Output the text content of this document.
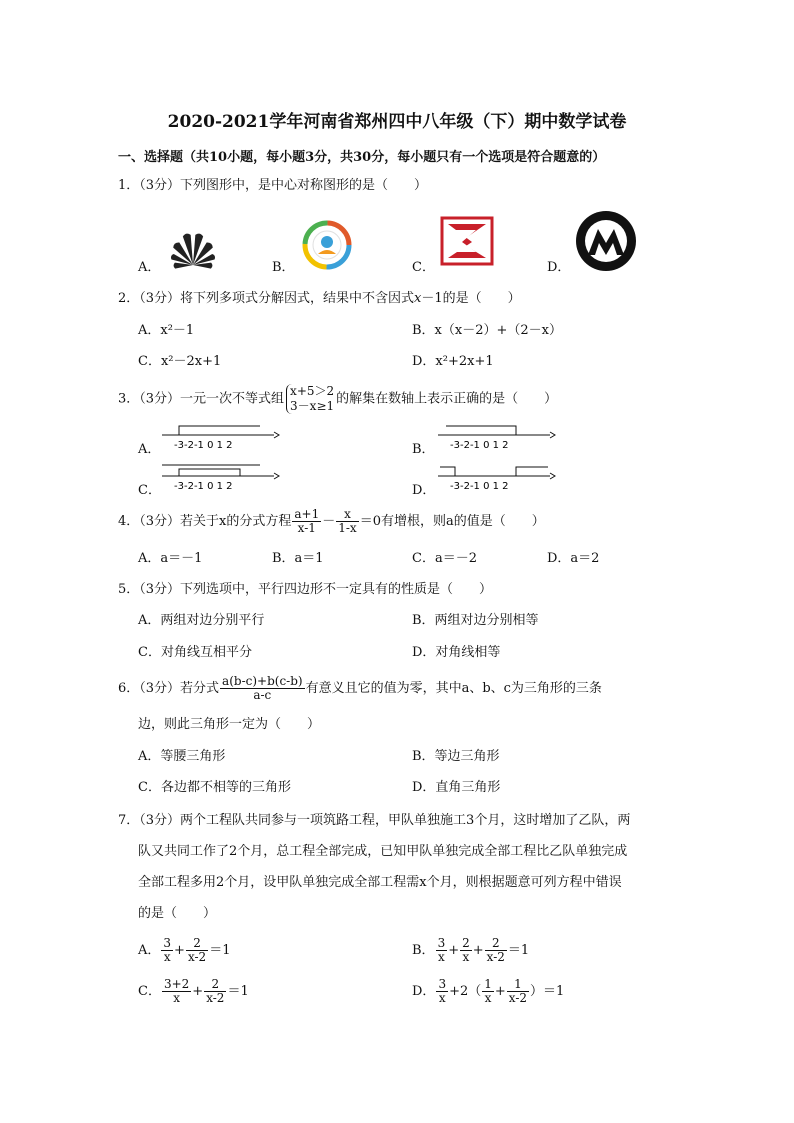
2020-2021学年河南省郑州四中八年级（下）期中数学试卷
一、选择题（共10小题，每小题3分，共30分，每小题只有一个选项是符合题意的）
1．（3分）下列图形中，是中心对称图形的是（　　）
A．	B．	C．	D．
2．（3分）将下列多项式分解因式，结果中不含因式x－1的是（　　）
A．x²－1	B．x（x－2）+（2－x）
C．x²－2x+1	D．x²+2x+1
3．（3分）一元一次不等式组
x+5＞2
3－x≥1 的解集在数轴上表示正确的是（　　）
A． -3-2-1 0 1 2	B． -3-2-1 0 1 2
C． -3-2-1 0 1 2	D． -3-2-1 0 1 2
4．（3分）若关于x的分式方程 $\frac{a+1}{x-1} - \frac{x}{1-x} =0$有增根，则a的值是（　　）
A．a＝－1	B．a＝1	C．a＝－2	D．a＝2
5．（3分）下列选项中，平行四边形不一定具有的性质是（　　）
A．两组对边分别平行	B．两组对边分别相等
C．对角线互相平分	D．对角线相等
6．（3分）若分式 $\frac{a(b-c)+b(c-b)}{a-c}$ 有意义且它的值为零，其中a、b、c为三角形的三条
边，则此三角形一定为（　　）
A．等腰三角形	B．等边三角形
C．各边都不相等的三角形	D．直角三角形
7．（3分）两个工程队共同参与一项筑路工程，甲队单独施工3个月，这时增加了乙队，两
队又共同工作了2个月，总工程全部完成，已知甲队单独完成全部工程比乙队单独完成
全部工程多用2个月，设甲队单独完成全部工程需x个月，则根据题意可列方程中错误
的是（　　）
A． $\frac{3}{x} + \frac{2}{x-2} =1$	B． $\frac{3}{x} + \frac{2}{x} + \frac{2}{x-2} =1$
C． $\frac{3+2}{x} + \frac{2}{x-2} =1$	D． $\frac{3}{x} +2( \frac{1}{x} + \frac{1}{x-2} )=1$
